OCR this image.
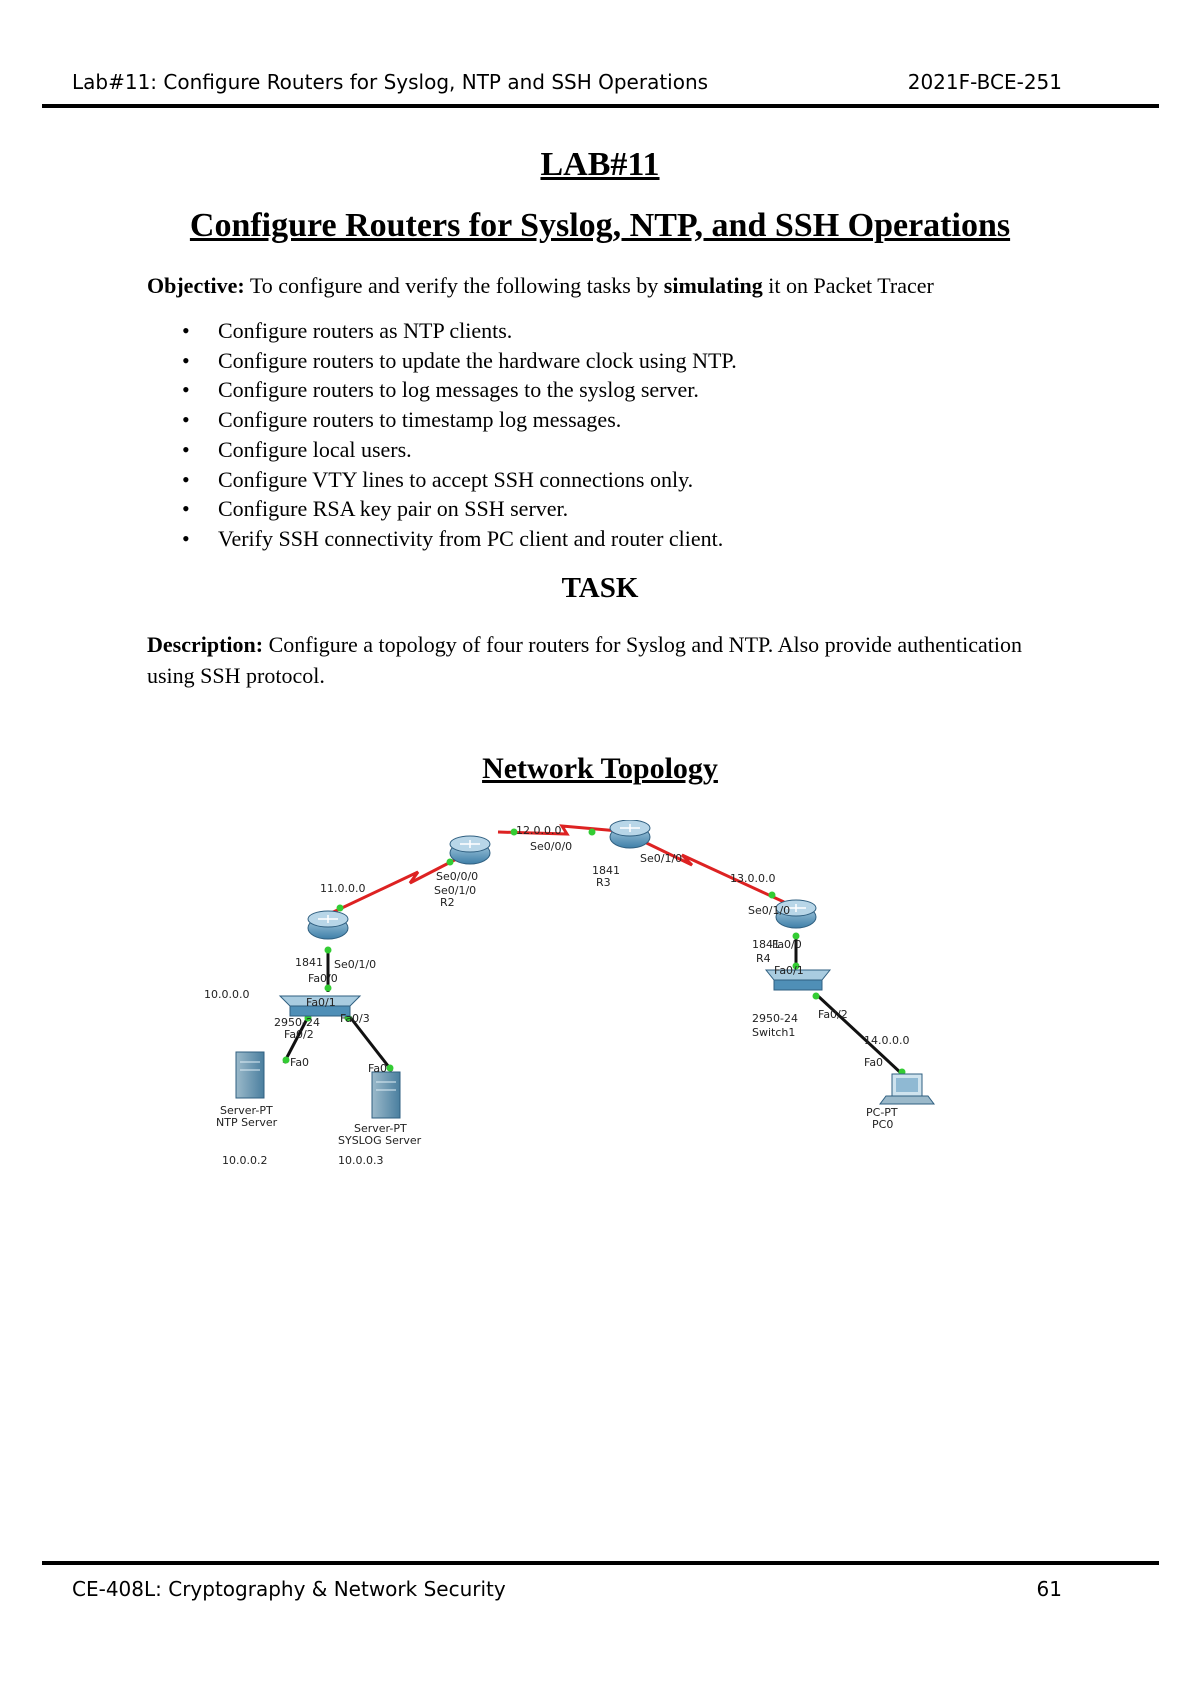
Lab#11: Configure Routers for Syslog, NTP and SSH Operations	2021F-BCE-251
LAB#11
Configure Routers for Syslog, NTP, and SSH Operations
Objective: To configure and verify the following tasks by simulating it on Packet Tracer
• Configure routers as NTP clients.
• Configure routers to update the hardware clock using NTP.
• Configure routers to log messages to the syslog server.
• Configure routers to timestamp log messages.
• Configure local users.
• Configure VTY lines to accept SSH connections only.
• Configure RSA key pair on SSH server.
• Verify SSH connectivity from PC client and router client.
TASK
Description: Configure a topology of four routers for Syslog and NTP. Also provide authentication using SSH protocol.
Network Topology
12.0.0.0
11.0.0.0
13.0.0.0
10.0.0.0
14.0.0.0
Se0/1/0
1841
Fa0/0
Fa0/1
Se0/0/0
Se0/1/0
R2
Se0/0/0
Se0/1/0
1841
R3
Se0/1/0
1841
Fa0/0
R4
Fa0/1
2950-24 Fa0/3
Fa0/2
2950-24 Fa0/2
Switch1
Fa0
Server-PT
NTP Server
10.0.0.2
Fa0
Server-PT
SYSLOG Server
10.0.0.3
Fa0
PC-PT
PC0
CE-408L: Cryptography & Network Security	61
